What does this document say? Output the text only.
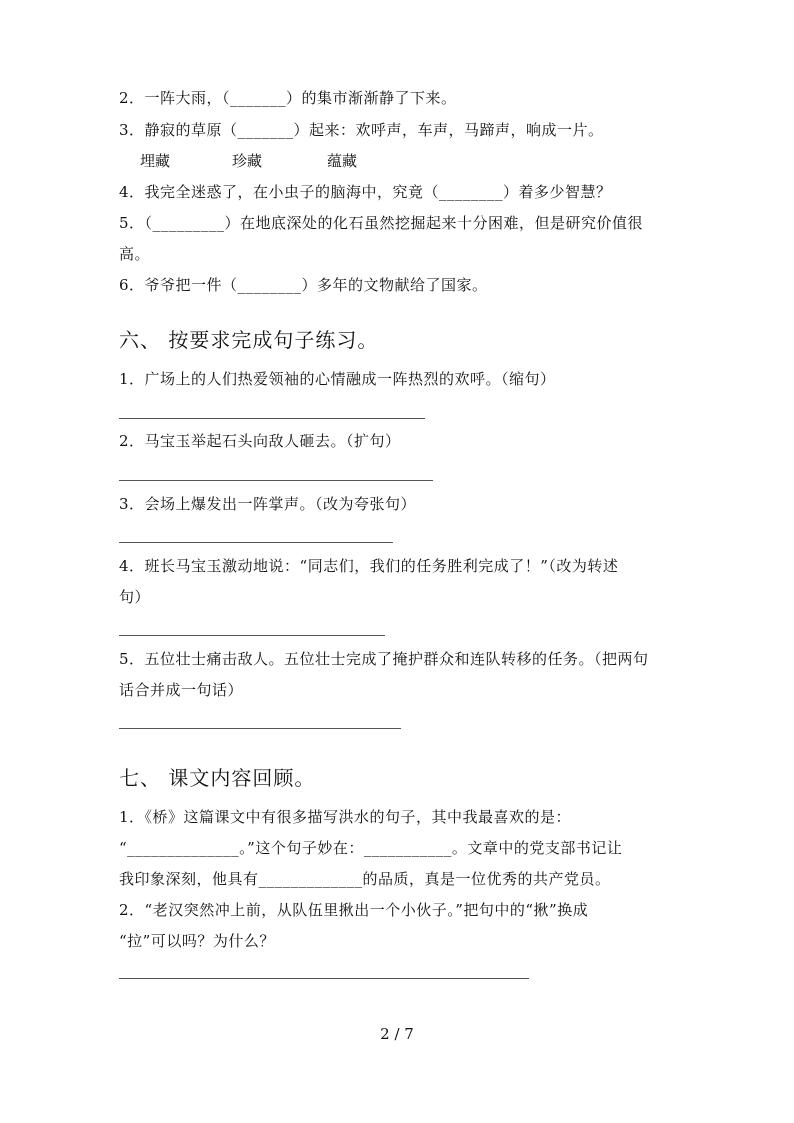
2．一阵大雨，（_______）的集市渐渐静了下来。
3．静寂的草原（_______）起来：欢呼声，车声，马蹄声，响成一片。
埋藏	珍藏	蕴藏
4．我完全迷惑了，在小虫子的脑海中，究竟（________）着多少智慧？
5．（_________）在地底深处的化石虽然挖掘起来十分困难，但是研究价值很
高。
6．爷爷把一件（________）多年的文物献给了国家。
六、 按要求完成句子练习。
1．广场上的人们热爱领袖的心情融成一阵热烈的欢呼。（缩句）
2．马宝玉举起石头向敌人砸去。（扩句）
3．会场上爆发出一阵掌声。（改为夸张句）
4．班长马宝玉激动地说：“同志们，我们的任务胜利完成了！”（改为转述
句）
5．五位壮士痛击敌人。五位壮士完成了掩护群众和连队转移的任务。（把两句
话合并成一句话）
七、 课文内容回顾。
1．《桥》这篇课文中有很多描写洪水的句子，其中我最喜欢的是：
“______________。”这个句子妙在：___________。文章中的党支部书记让
我印象深刻，他具有_____________的品质，真是一位优秀的共产党员。
2．“老汉突然冲上前，从队伍里揪出一个小伙子。”把句中的“揪”换成
“拉”可以吗？为什么？
2 / 7
